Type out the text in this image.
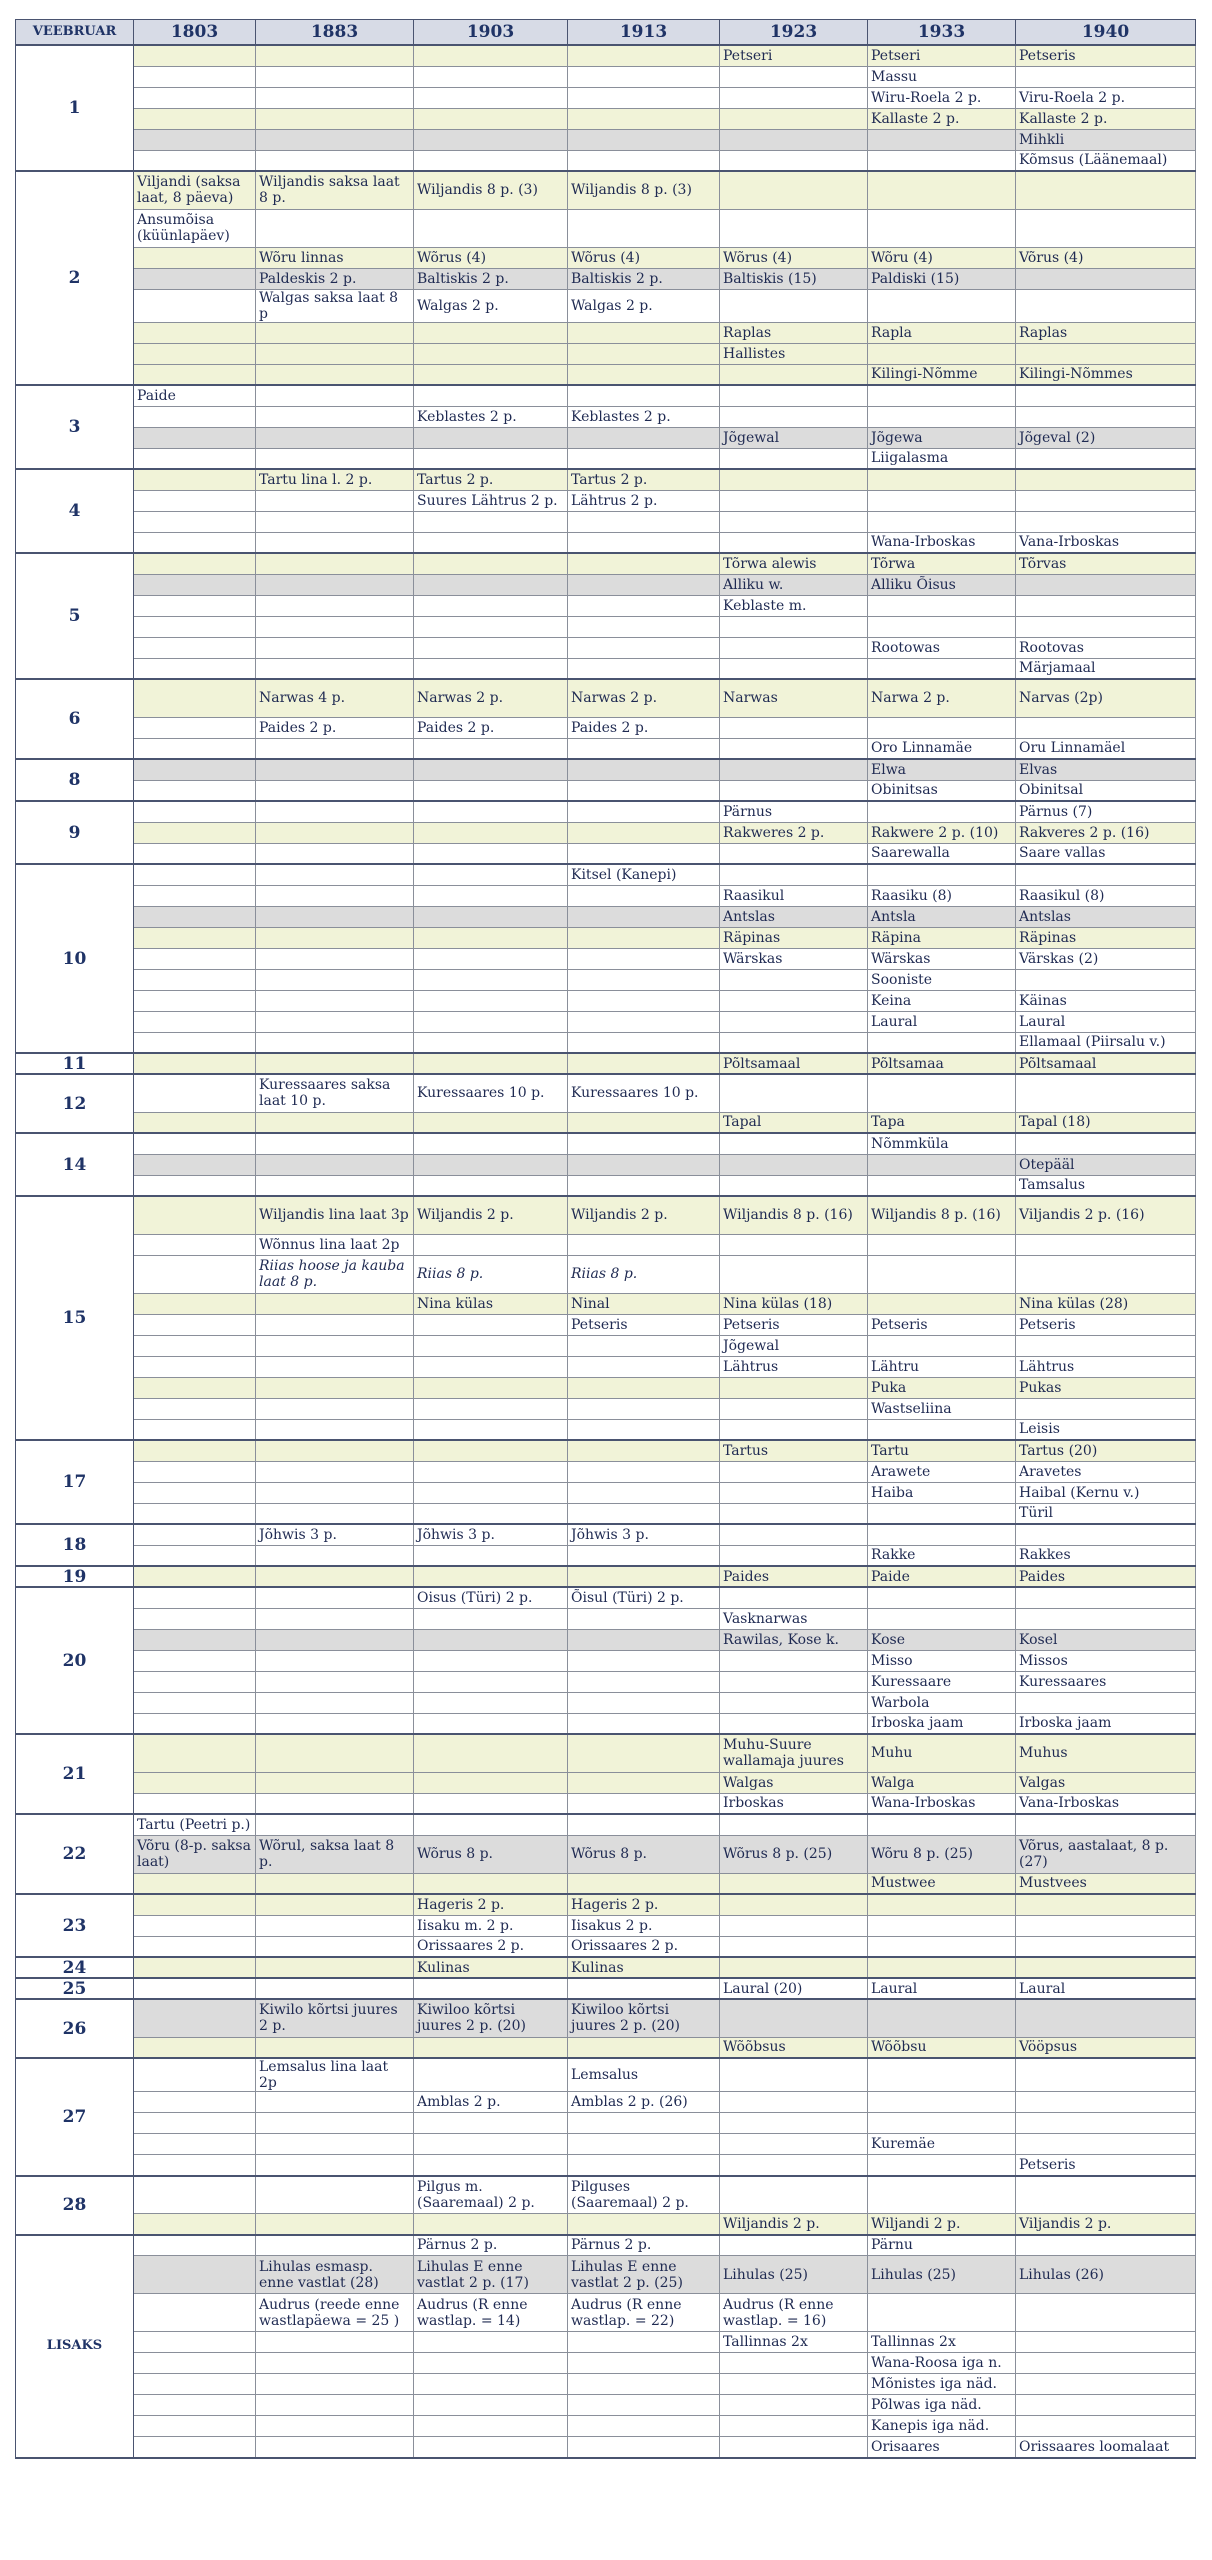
VEEBRUAR	1803	1883	1903	1913	1923	1933	1940
1					Petseri	Petseri	Petseris
						Massu	
						Wiru-Roela 2 p.	Viru-Roela 2 p.
						Kallaste 2 p.	Kallaste 2 p.
							Mihkli
							Kõmsus (Läänemaal)
2	Viljandi (saksa laat, 8 päeva)	Wiljandis saksa laat 8 p.	Wiljandis 8 p. (3)	Wiljandis 8 p. (3)			
	Ansumõisa (küünlapäev)						
		Wõru linnas	Wõrus (4)	Wõrus (4)	Wõrus (4)	Wõru (4)	Võrus (4)
		Paldeskis 2 p.	Baltiskis 2 p.	Baltiskis 2 p.	Baltiskis (15)	Paldiski (15)	
		Walgas saksa laat 8 p	Walgas 2 p.	Walgas 2 p.			
					Raplas	Rapla	Raplas
					Hallistes		
						Kilingi-Nõmme	Kilingi-Nõmmes
3	Paide						
			Keblastes 2 p.	Keblastes 2 p.			
					Jõgewal	Jõgewa	Jõgeval (2)
						Liigalasma	
4		Tartu lina l. 2 p.	Tartus 2 p.	Tartus 2 p.			
			Suures Lähtrus 2 p.	Lähtrus 2 p.			

						Wana-Irboskas	Vana-Irboskas
5					Tõrwa alewis	Tõrwa	Tõrvas
					Alliku w.	Alliku Õisus	
					Keblaste m.		

						Rootowas	Rootovas
							Märjamaal
6		Narwas 4 p.	Narwas 2 p.	Narwas 2 p.	Narwas	Narwa 2 p.	Narvas (2p)
		Paides 2 p.	Paides 2 p.	Paides 2 p.			
						Oro Linnamäe	Oru Linnamäel
8						Elwa	Elvas
						Obinitsas	Obinitsal
9					Pärnus		Pärnus (7)
					Rakweres 2 p.	Rakwere 2 p. (10)	Rakveres 2 p. (16)
						Saarewalla	Saare vallas
10				Kitsel (Kanepi)			
					Raasikul	Raasiku (8)	Raasikul (8)
					Antslas	Antsla	Antslas
					Räpinas	Räpina	Räpinas
					Wärskas	Wärskas	Värskas (2)
						Sooniste	
						Keina	Käinas
						Laural	Laural
							Ellamaal (Piirsalu v.)
11					Põltsamaal	Põltsamaa	Põltsamaal
12		Kuressaares saksa laat 10 p.	Kuressaares 10 p.	Kuressaares 10 p.			
					Tapal	Tapa	Tapal (18)
14						Nõmmküla	
							Otepääl
							Tamsalus
15		Wiljandis lina laat 3p	Wiljandis 2 p.	Wiljandis 2 p.	Wiljandis 8 p. (16)	Wiljandis 8 p. (16)	Viljandis 2 p. (16)
		Wõnnus lina laat 2p					
		Riias hoose ja kauba laat 8 p.	Riias 8 p.	Riias 8 p.			
			Nina külas	Ninal	Nina külas (18)		Nina külas (28)
				Petseris	Petseris	Petseris	Petseris
					Jõgewal		
					Lähtrus	Lähtru	Lähtrus
						Puka	Pukas
						Wastseliina	
							Leisis
17					Tartus	Tartu	Tartus (20)
						Arawete	Aravetes
						Haiba	Haibal (Kernu v.)
							Türil
18		Jõhwis 3 p.	Jõhwis 3 p.	Jõhwis 3 p.			
						Rakke	Rakkes
19					Paides	Paide	Paides
20			Oisus (Türi) 2 p.	Õisul (Türi) 2 p.			
					Vasknarwas		
					Rawilas, Kose k.	Kose	Kosel
						Misso	Missos
						Kuressaare	Kuressaares
						Warbola	
						Irboska jaam	Irboska jaam
21					Muhu-Suure wallamaja juures	Muhu	Muhus
					Walgas	Walga	Valgas
					Irboskas	Wana-Irboskas	Vana-Irboskas
22	Tartu (Peetri p.)						
	Võru (8-p. saksa laat)	Wõrul, saksa laat 8 p.	Wõrus 8 p.	Wõrus 8 p.	Wõrus 8 p. (25)	Wõru 8 p. (25)	Võrus, aastalaat, 8 p. (27)
						Mustwee	Mustvees
23			Hageris 2 p.	Hageris 2 p.			
			Iisaku m. 2 p.	Iisakus 2 p.			
			Orissaares 2 p.	Orissaares 2 p.			
24			Kulinas	Kulinas			
25					Laural (20)	Laural	Laural
26		Kiwilo kõrtsi juures 2 p.	Kiwiloo kõrtsi juures 2 p. (20)	Kiwiloo kõrtsi juures 2 p. (20)			
					Wõõbsus	Wõõbsu	Vööpsus
27		Lemsalus lina laat 2p		Lemsalus			
			Amblas 2 p.	Amblas 2 p. (26)			

						Kuremäe	
							Petseris
28			Pilgus m. (Saaremaal) 2 p.	Pilguses (Saaremaal) 2 p.			
					Wiljandis 2 p.	Wiljandi 2 p.	Viljandis 2 p.
LISAKS			Pärnus 2 p.	Pärnus 2 p.		Pärnu	
		Lihulas esmasp. enne vastlat (28)	Lihulas E enne vastlat 2 p. (17)	Lihulas E enne vastlat 2 p. (25)	Lihulas (25)	Lihulas (25)	Lihulas (26)
		Audrus (reede enne wastlapäewa = 25 )	Audrus (R enne wastlap. = 14)	Audrus (R enne wastlap. = 22)	Audrus (R enne wastlap. = 16)		
					Tallinnas 2x	Tallinnas 2x	
						Wana-Roosa iga n.	
						Mõnistes iga näd.	
						Põlwas iga näd.	
						Kanepis iga näd.	
						Orisaares	Orissaares loomalaat
